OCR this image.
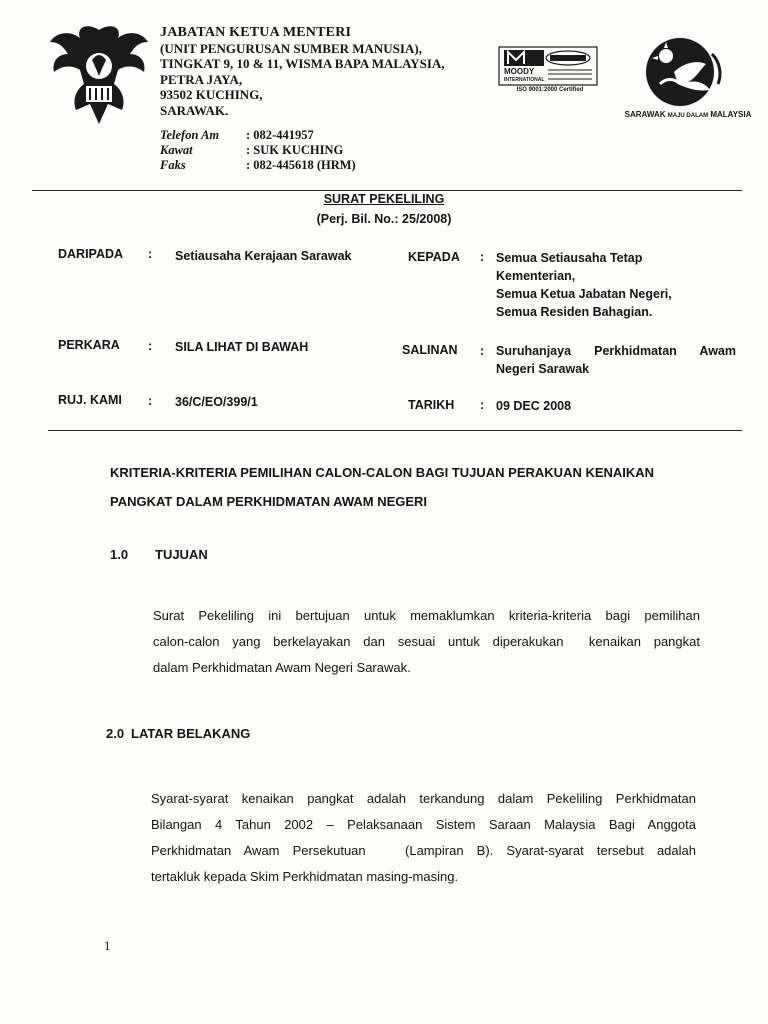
JABATAN KETUA MENTERI
(UNIT PENGURUSAN SUMBER MANUSIA),
TINGKAT 9, 10 & 11, WISMA BAPA MALAYSIA,
PETRA JAYA,
93502 KUCHING,
SARAWAK.
Telefon Am	: 082-441957
Kawat	: SUK KUCHING
Faks	: 082-445618 (HRM)
MOODY
INTERNATIONAL
ISO 9001:2000 Certified
SARAWAK MAJU DALAM MALAYSIA
SURAT PEKELILING
(Perj. Bil. No.: 25/2008)
DARIPADA : Setiausaha Kerajaan Sarawak	KEPADA : Semua Setiausaha Tetap
Kementerian,
Semua Ketua Jabatan Negeri,
Semua Residen Bahagian.
PERKARA : SILA LIHAT DI BAWAH	SALINAN : Suruhanjaya    Perkhidmatan    Awam
Negeri Sarawak
RUJ. KAMI : 36/C/EO/399/1	TARIKH : 09 DEC 2008
KRITERIA-KRITERIA PEMILIHAN CALON-CALON BAGI TUJUAN PERAKUAN KENAIKAN
PANGKAT DALAM PERKHIDMATAN AWAM NEGERI
1.0 TUJUAN
Surat Pekeliling ini bertujuan untuk memaklumkan kriteria-kriteria bagi pemilihan
calon-calon yang berkelayakan dan sesuai untuk diperakukan  kenaikan pangkat
dalam Perkhidmatan Awam Negeri Sarawak.
2.0 LATAR BELAKANG
Syarat-syarat kenaikan pangkat adalah terkandung dalam Pekeliling Perkhidmatan
Bilangan 4 Tahun 2002 – Pelaksanaan Sistem Saraan Malaysia Bagi Anggota
Perkhidmatan Awam Persekutuan   (Lampiran B). Syarat-syarat tersebut adalah
tertakluk kepada Skim Perkhidmatan masing-masing.
1
